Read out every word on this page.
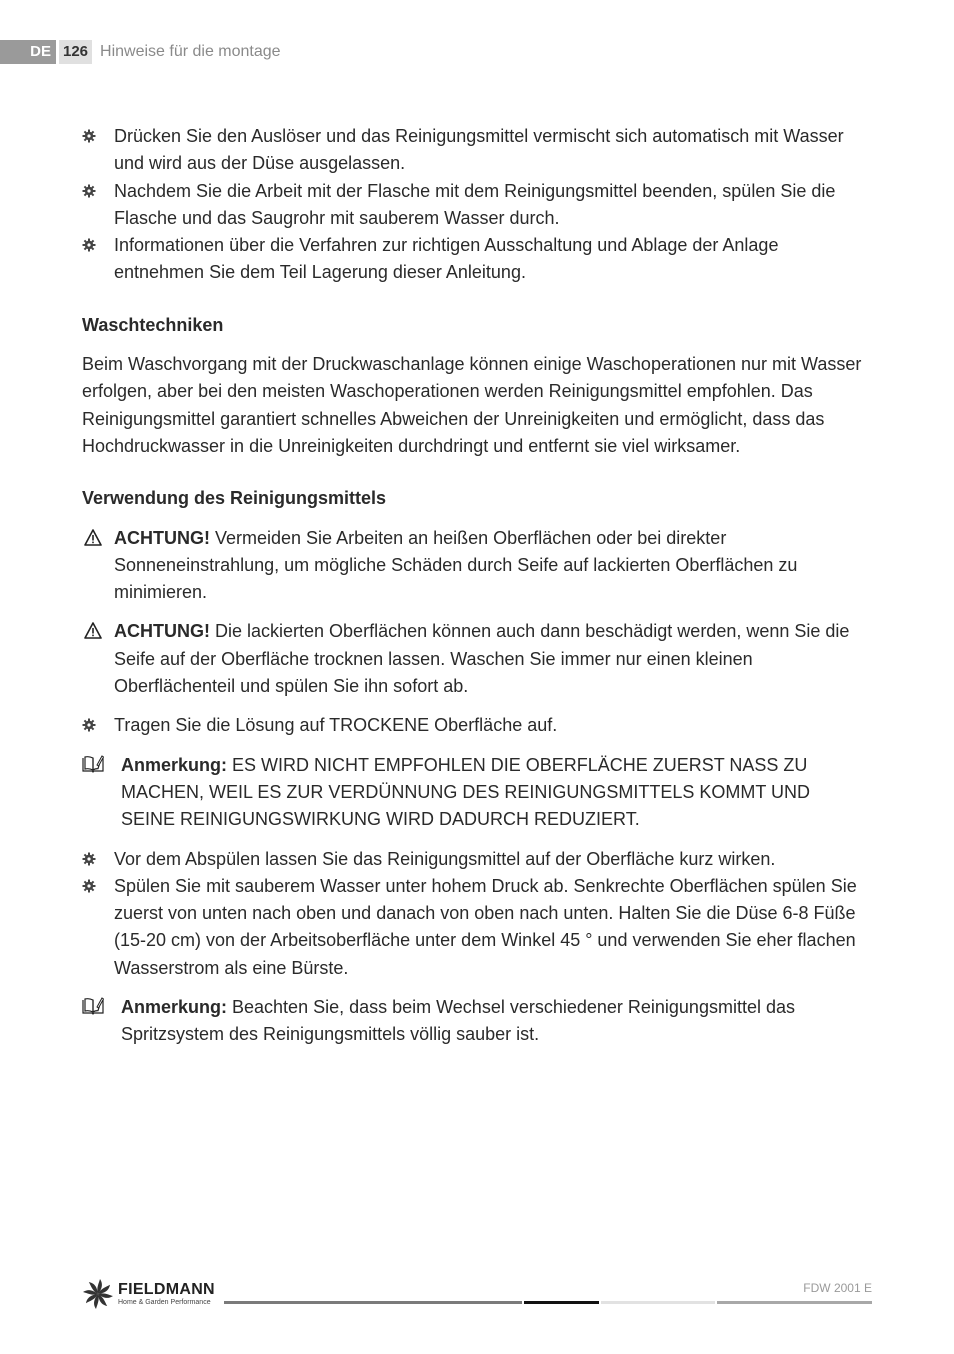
DE 126 Hinweise für die montage
Drücken Sie den Auslöser und das Reinigungsmittel vermischt sich automatisch mit Wasser und wird aus der Düse ausgelassen.
Nachdem Sie die Arbeit mit der Flasche mit dem Reinigungsmittel beenden, spülen Sie die Flasche und das Saugrohr mit sauberem Wasser durch.
Informationen über die Verfahren zur richtigen Ausschaltung und Ablage der Anlage entnehmen Sie dem Teil Lagerung dieser Anleitung.
Waschtechniken

Beim Waschvorgang mit der Druckwaschanlage können einige Waschoperationen nur mit Wasser erfolgen, aber bei den meisten Waschoperationen werden Reinigungsmittel empfohlen. Das Reinigungsmittel garantiert schnelles Abweichen der Unreinigkeiten und ermöglicht, dass das Hochdruckwasser in die Unreinigkeiten durchdringt und entfernt sie viel wirksamer.

Verwendung des Reinigungsmittels
ACHTUNG! Vermeiden Sie Arbeiten an heißen Oberflächen oder bei direkter Sonneneinstrahlung, um mögliche Schäden durch Seife auf lackierten Oberflächen zu minimieren.
ACHTUNG! Die lackierten Oberflächen können auch dann beschädigt werden, wenn Sie die Seife auf der Oberfläche trocknen lassen. Waschen Sie immer nur einen kleinen Oberflächenteil und spülen Sie ihn sofort ab.
Tragen Sie die Lösung auf TROCKENE Oberfläche auf.
Anmerkung: ES WIRD NICHT EMPFOHLEN DIE OBERFLÄCHE ZUERST NASS ZU MACHEN, WEIL ES ZUR VERDÜNNUNG DES REINIGUNGSMITTELS KOMMT UND SEINE REINIGUNGSWIRKUNG WIRD DADURCH REDUZIERT.
Vor dem Abspülen lassen Sie das Reinigungsmittel auf der Oberfläche kurz wirken.
Spülen Sie mit sauberem Wasser unter hohem Druck ab. Senkrechte Oberflächen spülen Sie zuerst von unten nach oben und danach von oben nach unten. Halten Sie die Düse 6-8 Füße (15-20 cm) von der Arbeitsoberfläche unter dem Winkel 45 ° und verwenden Sie eher flachen Wasserstrom als eine Bürste.
Anmerkung: Beachten Sie, dass beim Wechsel verschiedener Reinigungsmittel das Spritzsystem des Reinigungsmittels völlig sauber ist.
FIELDMANN
Home & Garden Performance
FDW 2001 E
